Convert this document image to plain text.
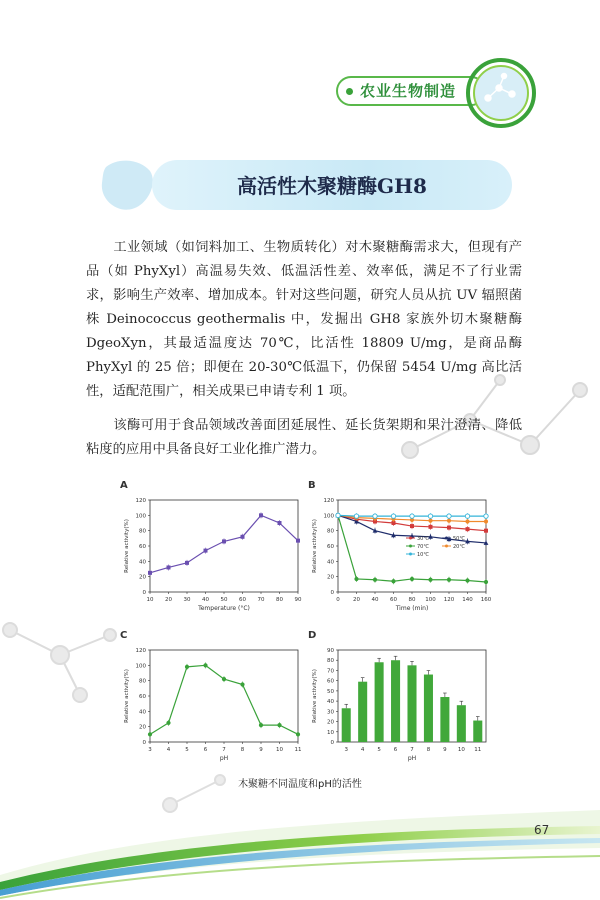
农业生物制造
高活性木聚糖酶GH8
工业领域（如饲料加工、生物质转化）对木聚糖酶需求大，但现有产品（如 PhyXyl）高温易失效、低温活性差、效率低，满足不了行业需求，影响生产效率、增加成本。针对这些问题，研究人员从抗 UV 辐照菌株 Deinococcus geothermalis 中，发掘出 GH8 家族外切木聚糖酶 DgeoXyn，其最适温度达 70℃，比活性 18809 U/mg，是商品酶 PhyXyl 的 25 倍；即便在 20-30℃低温下，仍保留 5454 U/mg 高比活性，适配范围广，相关成果已申请专利 1 项。
该酶可用于食品领域改善面团延展性、延长货架期和果汁澄清、降低粘度的应用中具备良好工业化推广潜力。
A
0
20
40
60
80
100
120
Relative activity(%)
Temperature (°C)
10 20 30 40 50 60 70 80 90
B
0
20
40
60
80
100
120
Relative activity(%)
Time (min)
0 20 40 60 80 100 120 140 160
30℃	50℃
70℃	20℃
10℃
C
0
20
40
60
80
100
120
Relative activity(%)
pH
3	4	5	6	7	8	9 10 11
D
0
10
20
30
40
50
60
70
80
90
Relative activity(%)
pH
3 4 5 6 7 8 9 10 11
木聚糖不同温度和pH的活性
67
